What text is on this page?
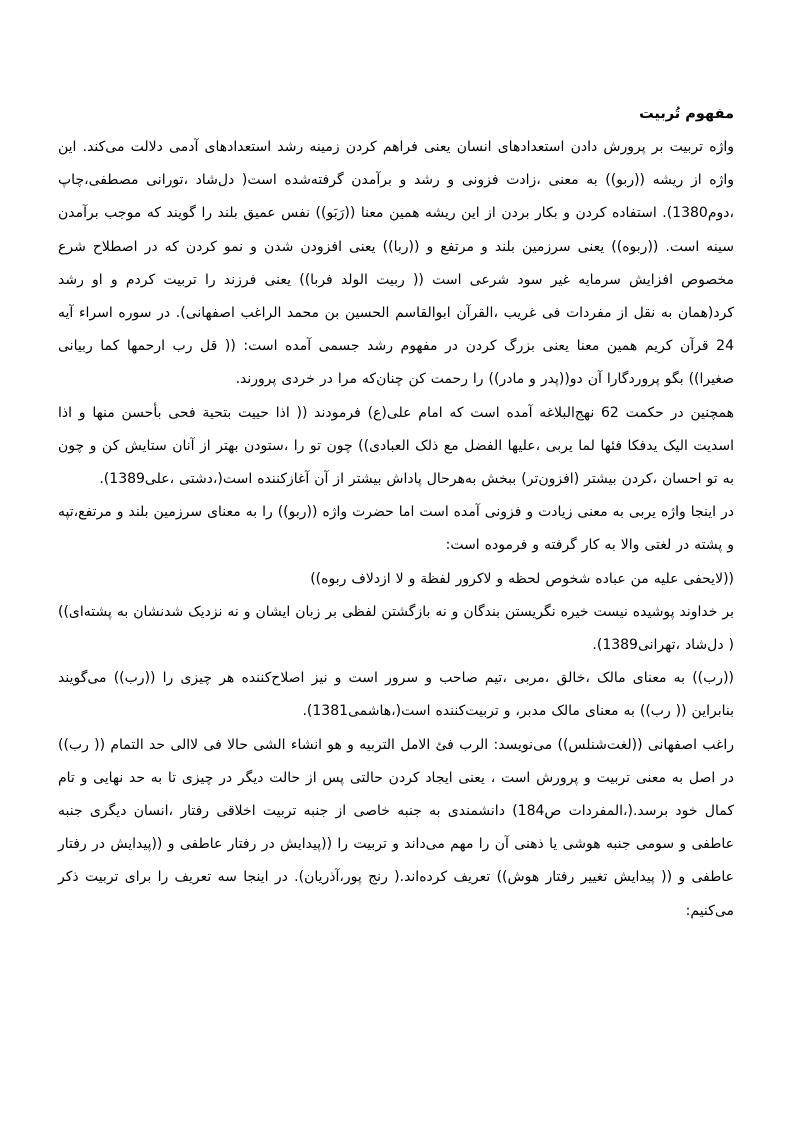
مفهوم تُربیت

واژه تربیت بر پرورش دادن استعدادهای انسان یعنی فراهم کردن زمینه رشد استعدادهای آدمی دلالت می‌کند. این واژه از ریشه ((ربو)) به معنی ،زادت فزونی و رشد و برآمدن گرفته‌شده است( دل‌شاد ،تورانی مصطفی،چاپ ،دوم1380). استفاده کردن و بکار بردن از این ریشه همین معنا ((رَبَو)) نفس عمیق بلند را گویند که موجب برآمدن سینه است. ((ربوه)) یعنی سرزمین بلند و مرتفع و ((ربا)) یعنی افزودن شدن و نمو کردن که در اصطلاح شرع مخصوص افزایش سرمایه غیر سود شرعی است (( ربیت الولد فربا)) یعنی فرزند را تربیت کردم و او رشد کرد(همان به نقل از مفردات فی غریب ،القرآن ابوالقاسم الحسین بن محمد الراغب اصفهانی). در سوره اسراء آیه 24 قرآن کریم همین معنا یعنی بزرگ کردن در مفهوم رشد جسمی آمده است: (( قل رب ارحمها کما ربیانی صغیرا)) بگو پروردگارا آن دو((پدر و مادر)) را رحمت کن چنان‌که مرا در خردی پرورند.

همچنین در حکمت 62 نهج‌البلاغه آمده است که امام علی(ع) فرمودند (( اذا حییت بتحیة فحی بأحسن منها و اذا اسدیت الیک یدفکا فئها لما یربی ،علیها الفضل مع ذلک العبادی)) چون تو را ،ستودن بهتر از آنان ستایش کن و چون به تو احسان ،کردن بیشتر (افزون‌تر) ببخش به‌هرحال پاداش بیشتر از آن آغازکننده است(،دشتی ،علی1389).

در اینجا واژه یربی به معنی زیادت و فزونی آمده است اما حضرت واژه ((ربو)) را به معنای سرزمین بلند و مرتفع،تپه و پشته در لغتی والا به کار گرفته و فرموده است:

((لایحفی علیه من عباده شخوص لحظه و لاکرور لفظة و لا ازدلاف ربوه))

بر خداوند پوشیده نیست خیره نگریستن بندگان و نه بازگشتن لفظی بر زبان ایشان و نه نزدیک شدنشان به پشته‌ای))( دل‌شاد ،تهرانی1389).

((رب)) به معنای مالک ،خالق ،مربی ،تیم صاحب و سرور است و نیز اصلاح‌کننده هر چیزی را ((رب)) می‌گویند بنابراین (( رب)) به معنای مالک مدبر، و تربیت‌کننده است(،هاشمی1381).

راغب اصفهانی ((لغت‌شنلس)) می‌نویسد: الرب فئ الامل التربیه و هو انشاء الشی حالا فی لاالی حد التمام (( رب)) در اصل به معنی تربیت و پرورش است ، یعنی ایجاد کردن حالتی پس از حالت دیگر در چیزی تا به حد نهایی و تام کمال خود برسد.(،المفردات ص184) دانشمندی به جنبه خاصی از جنبه تربیت اخلاقی رفتار ،انسان دیگری جنبه عاطفی و سومی جنبه هوشی یا ذهنی آن را مهم می‌داند و تربیت را ((پیدایش در رفتار عاطفی و ((پیدایش در رفتار عاطفی و (( پیدایش تغییر رفتار هوش)) تعریف کرده‌اند.( رنج پور،آذریان). در اینجا سه تعریف را برای تربیت ذکر می‌کنیم:
